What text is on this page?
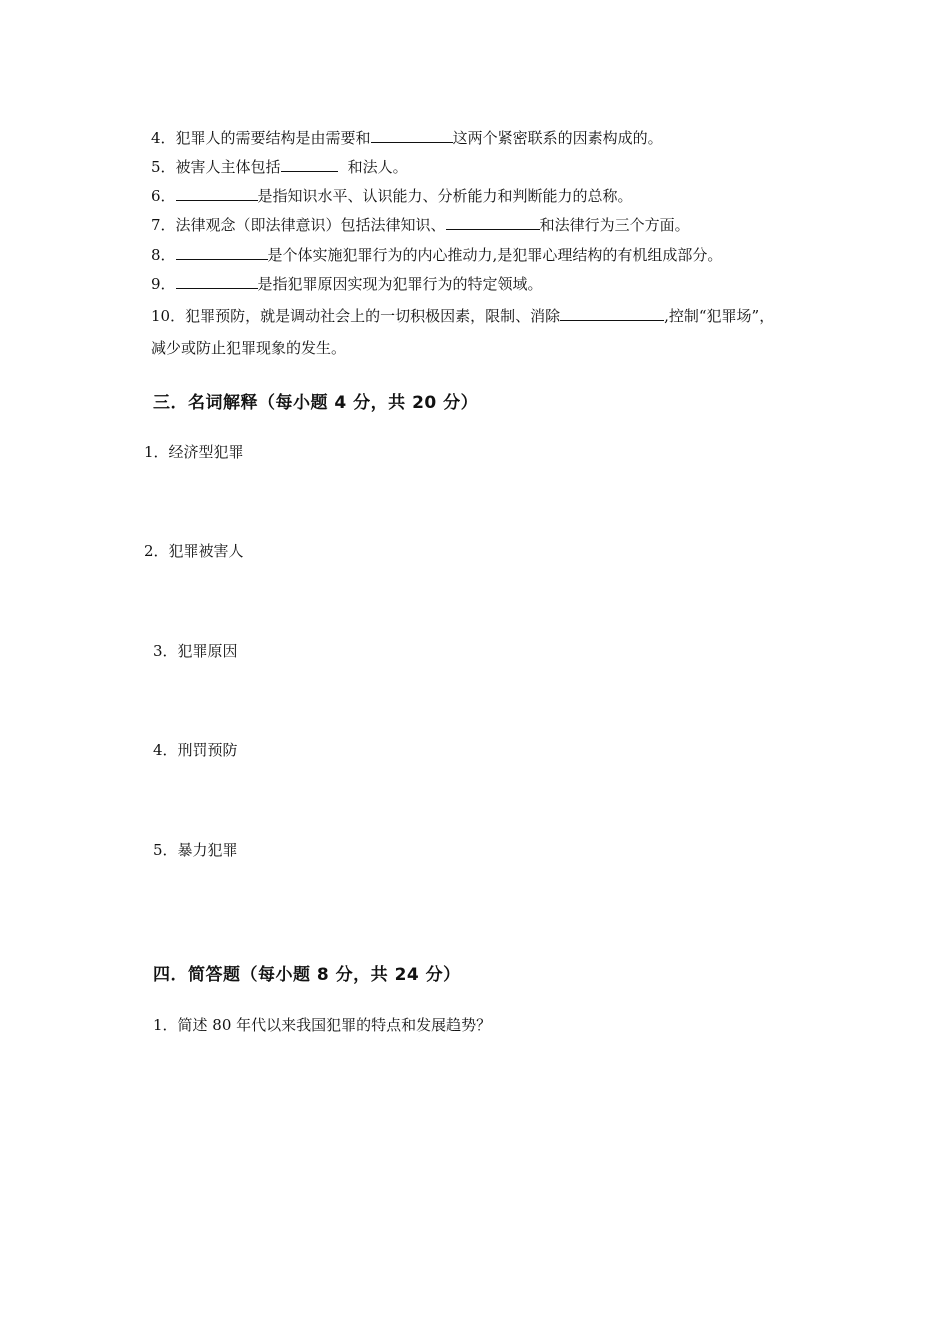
4．犯罪人的需要结构是由需要和	这两个紧密联系的因素构成的。
5．被害人主体包括	和法人。
6．	是指知识水平、认识能力、分析能力和判断能力的总称。
7．法律观念（即法律意识）包括法律知识、	和法律行为三个方面。
8．	是个体实施犯罪行为的内心推动力,是犯罪心理结构的有机组成部分。
9．	是指犯罪原因实现为犯罪行为的特定领域。
10．犯罪预防，就是调动社会上的一切积极因素，限制、消除	,控制“犯罪场”，
减少或防止犯罪现象的发生。
三．名词解释（每小题 4 分，共 20 分）
1．经济型犯罪
2．犯罪被害人
3．犯罪原因
4．刑罚预防
5．暴力犯罪
四．简答题（每小题 8 分，共 24 分）
1．简述 80 年代以来我国犯罪的特点和发展趋势？
